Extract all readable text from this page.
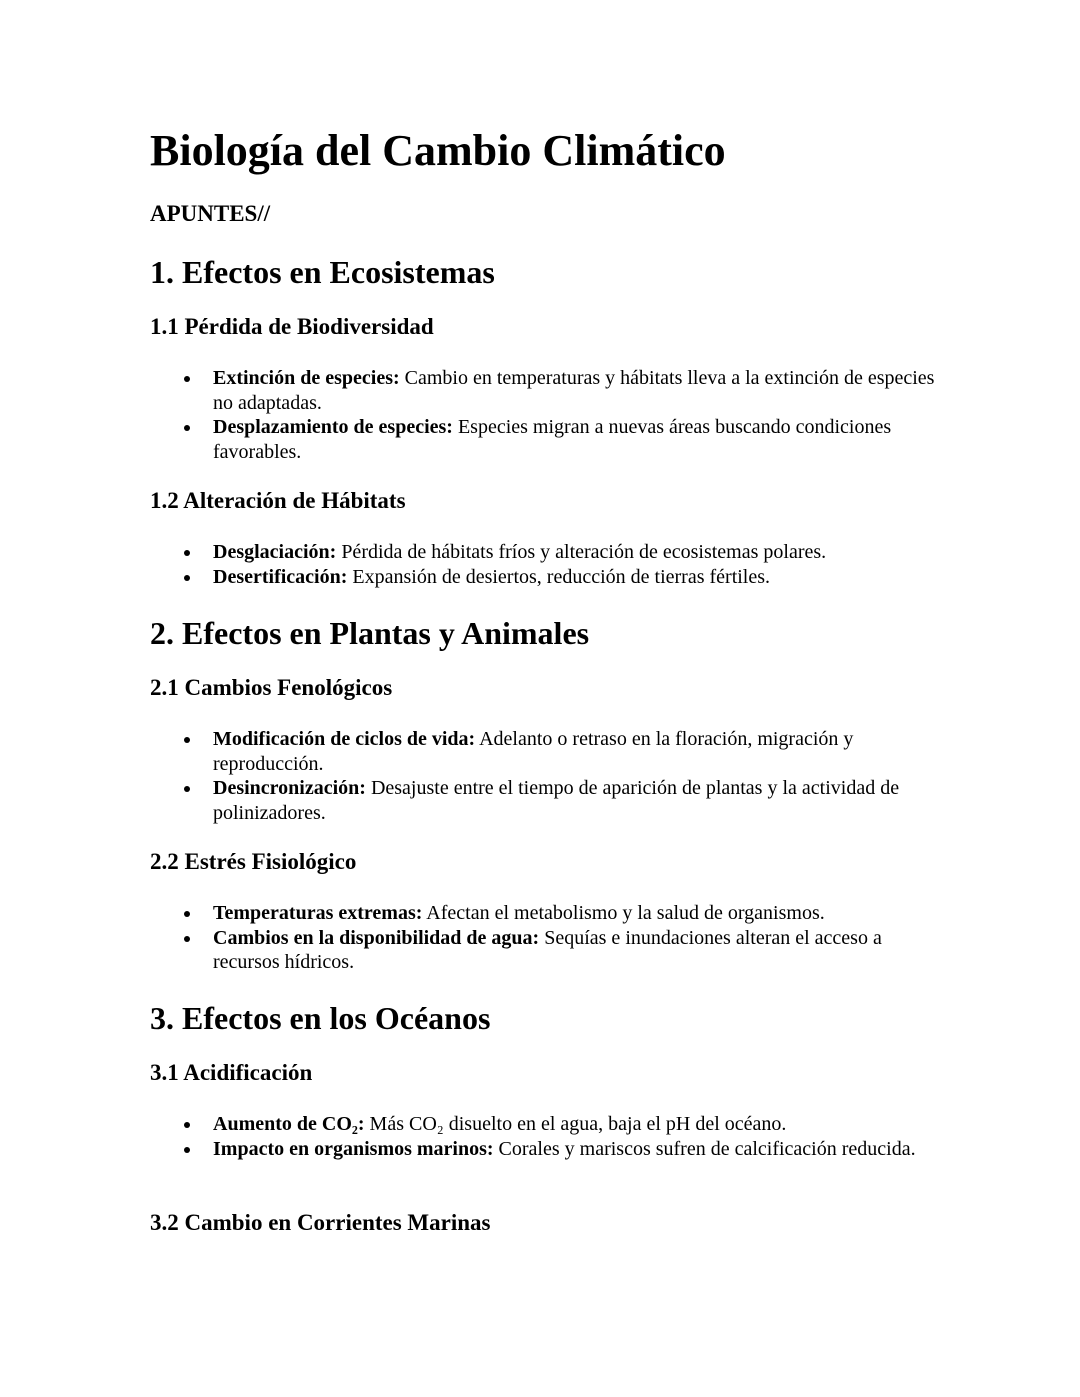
Biología del Cambio Climático

APUNTES//

1. Efectos en Ecosistemas
1.1 Pérdida de Biodiversidad
Extinción de especies: Cambio en temperaturas y hábitats lleva a la extinción de especies no adaptadas.
Desplazamiento de especies: Especies migran a nuevas áreas buscando condiciones favorables.
1.2 Alteración de Hábitats
Desglaciación: Pérdida de hábitats fríos y alteración de ecosistemas polares.
Desertificación: Expansión de desiertos, reducción de tierras fértiles.
2. Efectos en Plantas y Animales
2.1 Cambios Fenológicos
Modificación de ciclos de vida: Adelanto o retraso en la floración, migración y reproducción.
Desincronización: Desajuste entre el tiempo de aparición de plantas y la actividad de polinizadores.
2.2 Estrés Fisiológico
Temperaturas extremas: Afectan el metabolismo y la salud de organismos.
Cambios en la disponibilidad de agua: Sequías e inundaciones alteran el acceso a recursos hídricos.
3. Efectos en los Océanos
3.1 Acidificación
Aumento de CO₂: Más CO₂ disuelto en el agua, baja el pH del océano.
Impacto en organismos marinos: Corales y mariscos sufren de calcificación reducida.
3.2 Cambio en Corrientes Marinas
